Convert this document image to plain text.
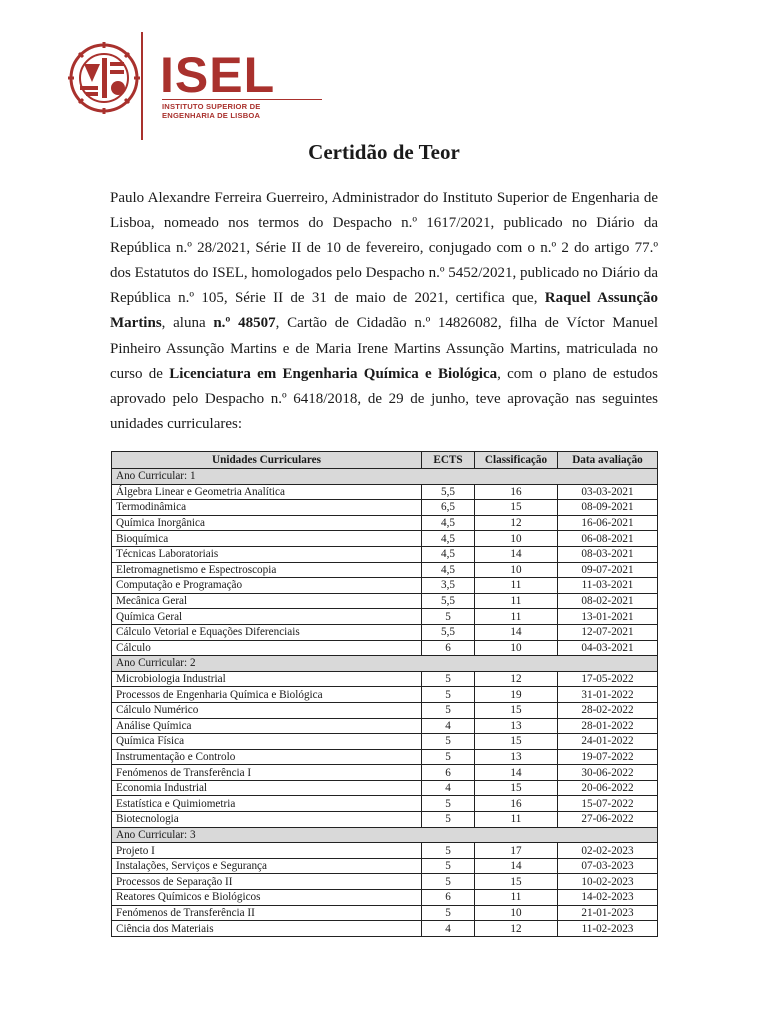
ISEL
INSTITUTO SUPERIOR DE
ENGENHARIA DE LISBOA
Certidão de Teor

Paulo Alexandre Ferreira Guerreiro, Administrador do Instituto Superior de Engenharia de Lisboa, nomeado nos termos do Despacho n.º 1617/2021, publicado no Diário da República n.º 28/2021, Série II de 10 de fevereiro, conjugado com o n.º 2 do artigo 77.º dos Estatutos do ISEL, homologados pelo Despacho n.º 5452/2021, publicado no Diário da República n.º 105, Série II de 31 de maio de 2021, certifica que, Raquel Assunção Martins, aluna n.º 48507, Cartão de Cidadão n.º 14826082, filha de Víctor Manuel Pinheiro Assunção Martins e de Maria Irene Martins Assunção Martins, matriculada no curso de Licenciatura em Engenharia Química e Biológica, com o plano de estudos aprovado pelo Despacho n.º 6418/2018, de 29 de junho, teve aprovação nas seguintes unidades curriculares:

Unidades Curriculares	ECTS	Classificação	Data avaliação
Ano Curricular: 1			
Álgebra Linear e Geometria Analítica	5,5	16	03-03-2021
Termodinâmica	6,5	15	08-09-2021
Química Inorgânica	4,5	12	16-06-2021
Bioquímica	4,5	10	06-08-2021
Técnicas Laboratoriais	4,5	14	08-03-2021
Eletromagnetismo e Espectroscopia	4,5	10	09-07-2021
Computação e Programação	3,5	11	11-03-2021
Mecânica Geral	5,5	11	08-02-2021
Química Geral	5	11	13-01-2021
Cálculo Vetorial e Equações Diferenciais	5,5	14	12-07-2021
Cálculo	6	10	04-03-2021
Ano Curricular: 2			
Microbiologia Industrial	5	12	17-05-2022
Processos de Engenharia Química e Biológica	5	19	31-01-2022
Cálculo Numérico	5	15	28-02-2022
Análise Química	4	13	28-01-2022
Química Física	5	15	24-01-2022
Instrumentação e Controlo	5	13	19-07-2022
Fenómenos de Transferência I	6	14	30-06-2022
Economia Industrial	4	15	20-06-2022
Estatística e Quimiometria	5	16	15-07-2022
Biotecnologia	5	11	27-06-2022
Ano Curricular: 3			
Projeto I	5	17	02-02-2023
Instalações, Serviços e Segurança	5	14	07-03-2023
Processos de Separação II	5	15	10-02-2023
Reatores Químicos e Biológicos	6	11	14-02-2023
Fenómenos de Transferência II	5	10	21-01-2023
Ciência dos Materiais	4	12	11-02-2023
